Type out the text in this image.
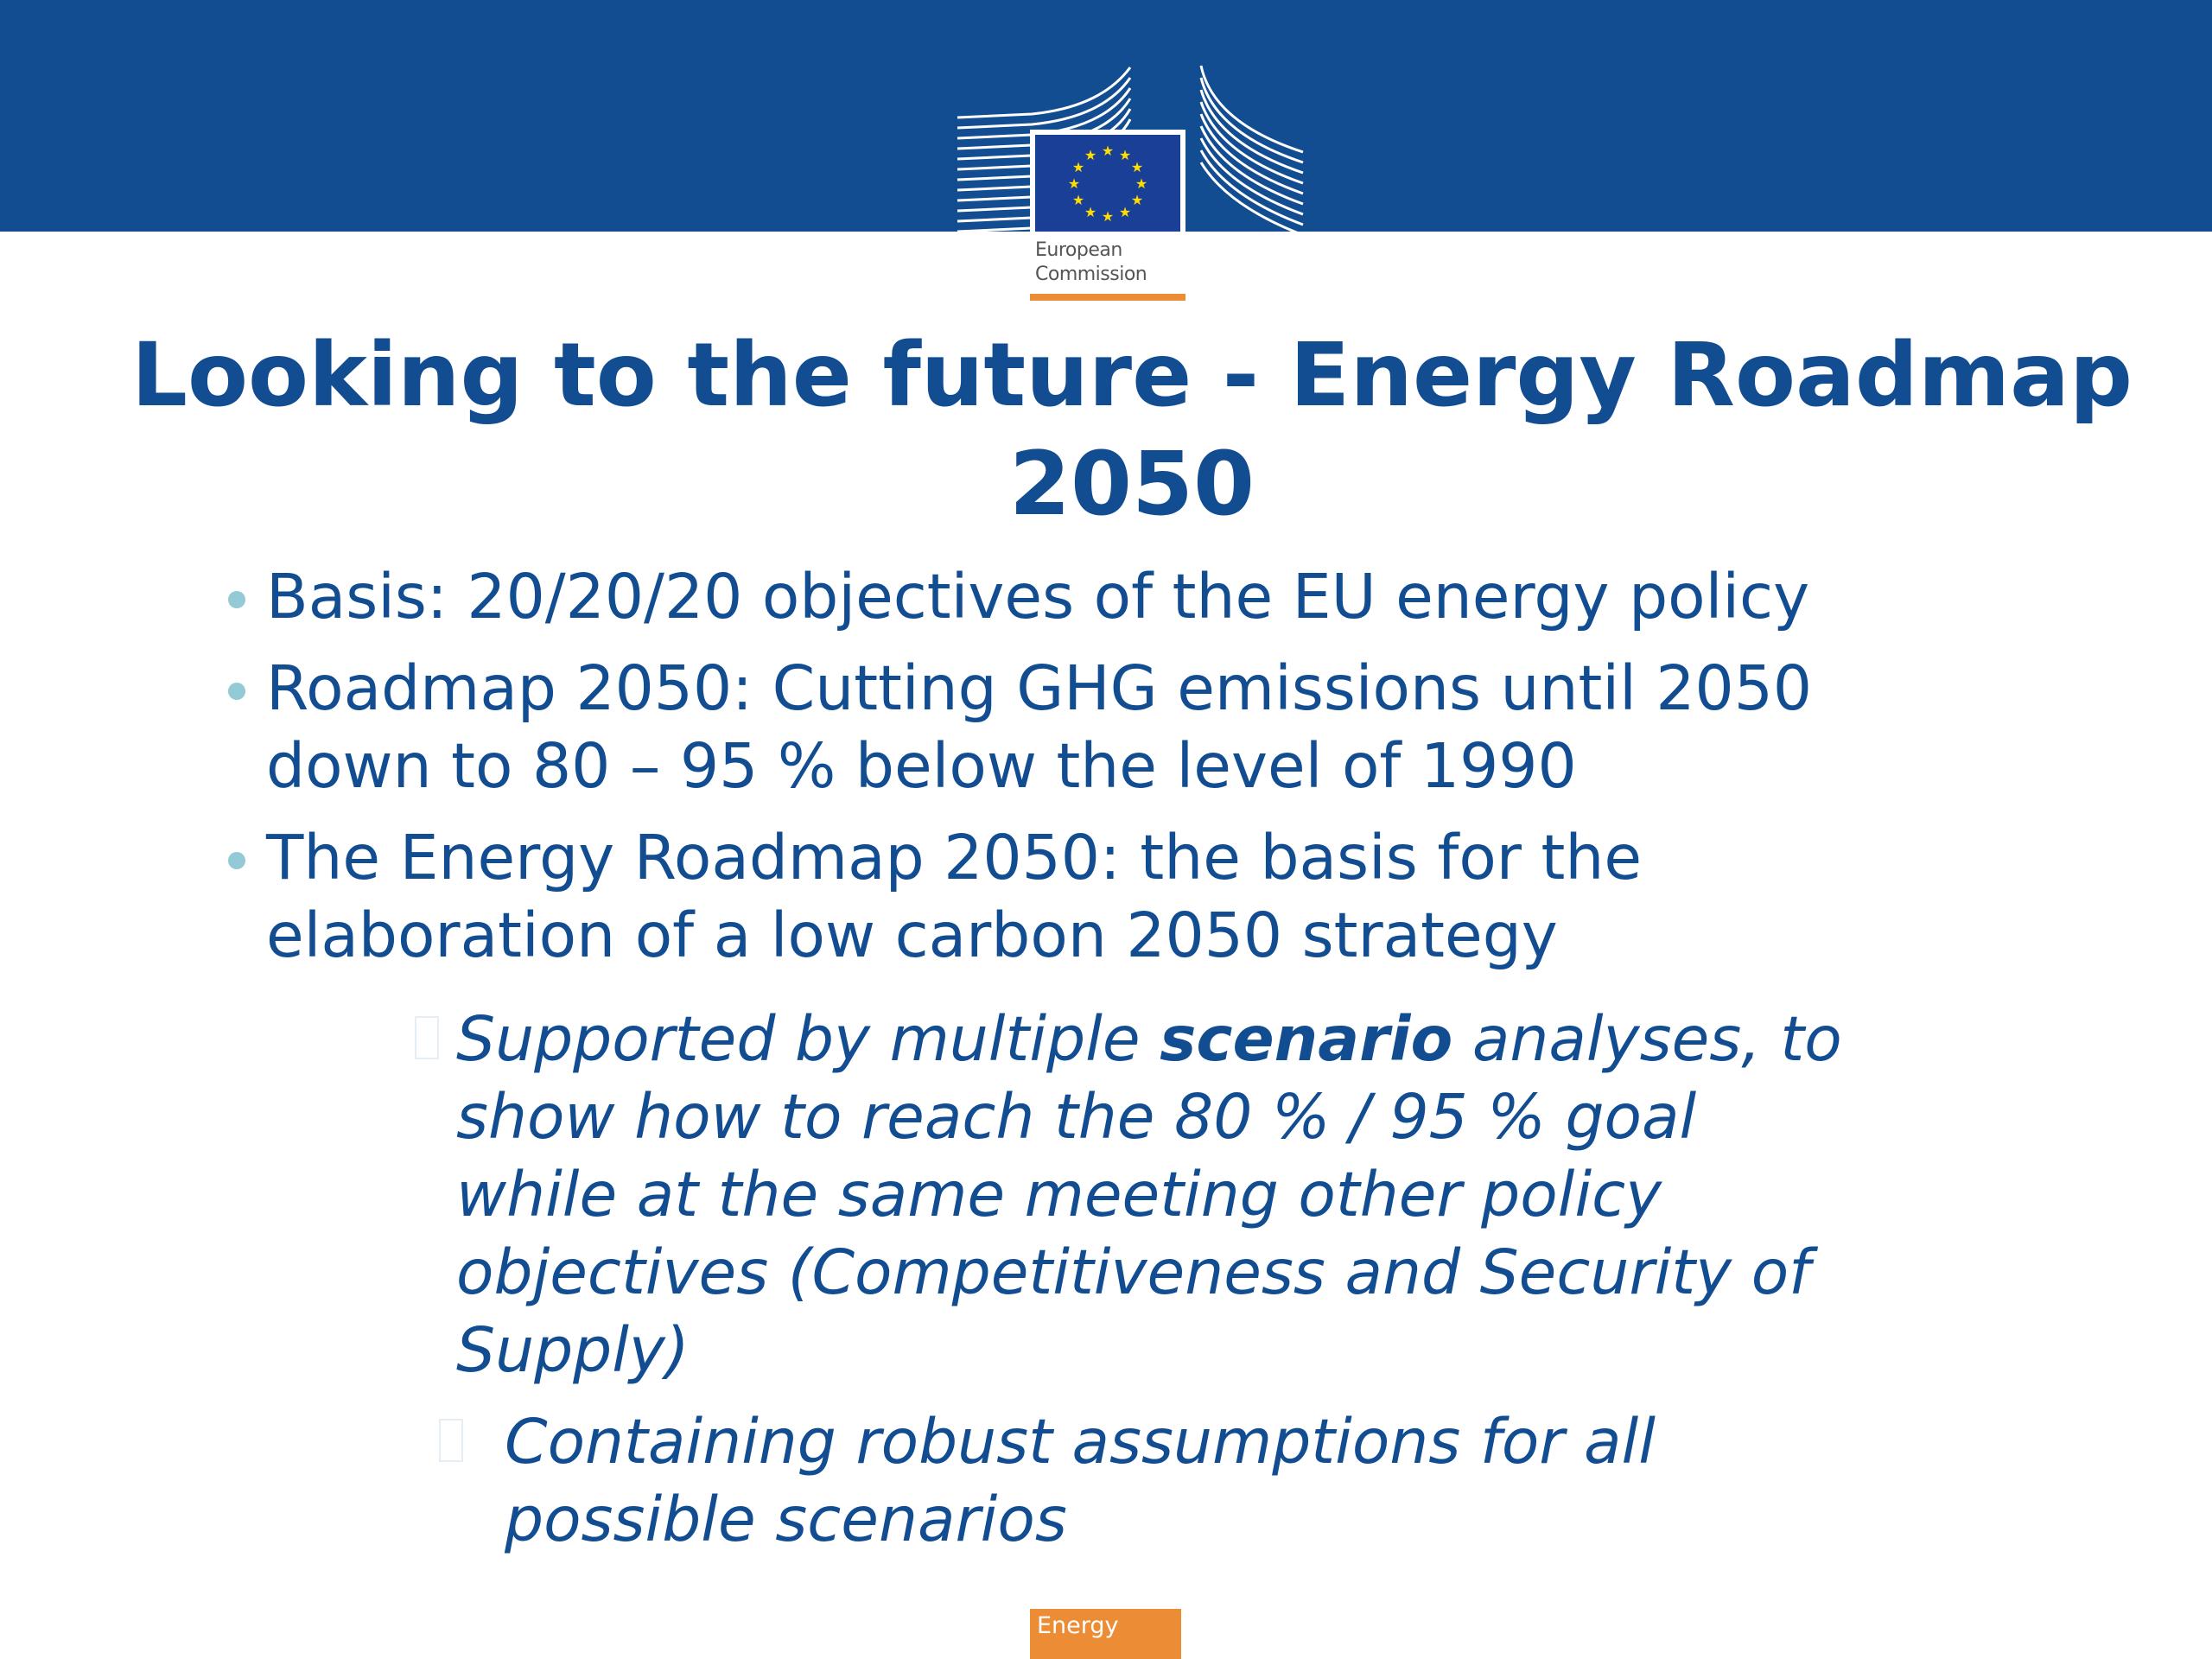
★ ★
★
★
★
★
★
★
★
★
★
★
European
Commission
Looking to the future - Energy Roadmap
2050
Basis: 20/20/20 objectives of the EU energy policy
Roadmap 2050: Cutting GHG emissions until 2050
down to 80 – 95 % below the level of 1990
The Energy Roadmap 2050: the basis for the
elaboration of a low carbon 2050 strategy
Supported by multiple scenario analyses, to
show how to reach the 80 % / 95 % goal
while at the same meeting other policy
objectives (Competitiveness and Security of
Supply)
Containing robust assumptions for all
possible scenarios
Energy
